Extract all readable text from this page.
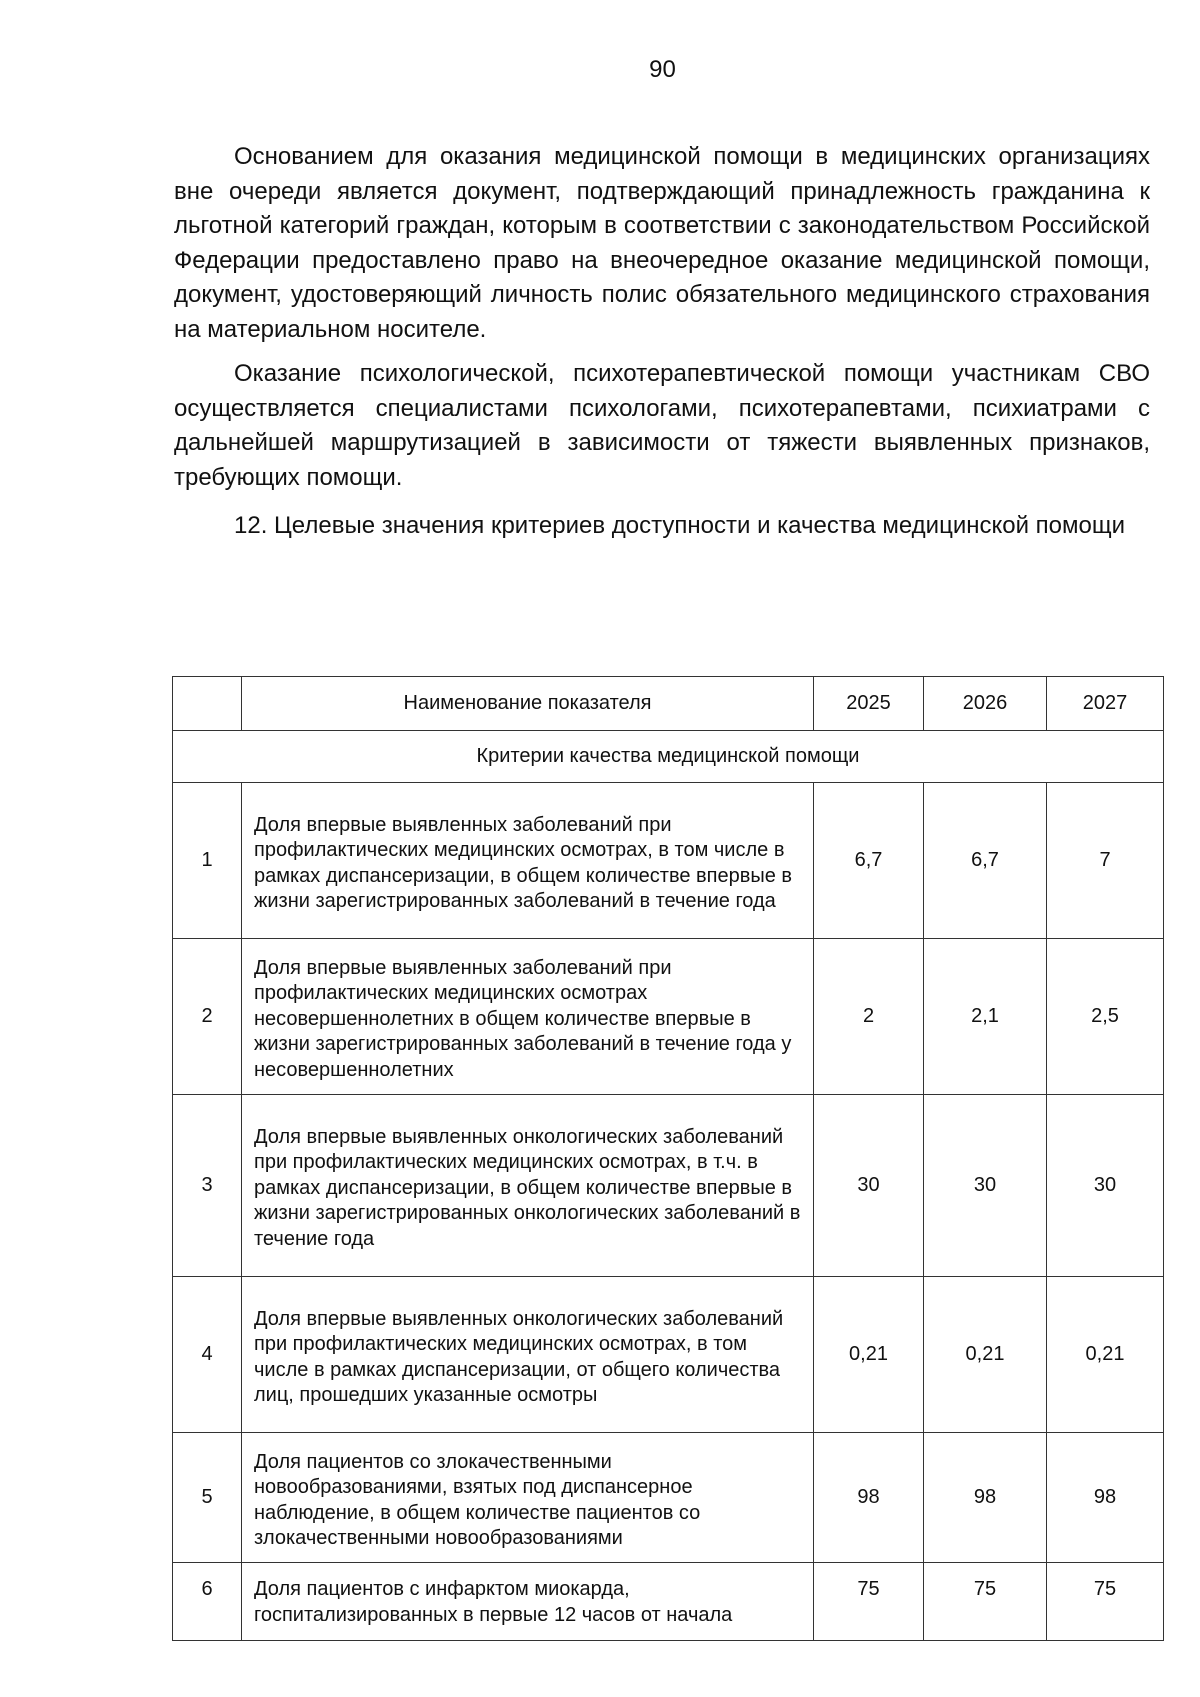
90

Основанием для оказания медицинской помощи в медицинских организациях вне очереди является документ, подтверждающий принадлежность гражданина к льготной категорий граждан, которым в соответствии с законодательством Российской Федерации предоставлено право на внеочередное оказание медицинской помощи, документ, удостоверяющий личность полис обязательного медицинского страхования на материальном носителе.

Оказание психологической, психотерапевтической помощи участникам СВО осуществляется специалистами психологами, психотерапевтами, психиатрами с дальнейшей маршрутизацией в зависимости от тяжести выявленных признаков, требующих помощи.

12. Целевые значения критериев доступности и качества медицинской помощи

	Наименование показателя	2025	2026	2027
Критерии качества медицинской помощи				
1	Доля впервые выявленных заболеваний при профилактических медицинских осмотрах, в том числе в рамках диспансеризации, в общем количестве впервые в жизни зарегистрированных заболеваний в течение года	6,7	6,7	7
2	Доля впервые выявленных заболеваний при профилактических медицинских осмотрах несовершеннолетних в общем количестве впервые в жизни зарегистрированных заболеваний в течение года у несовершеннолетних	2	2,1	2,5
3	Доля впервые выявленных онкологических заболеваний при профилактических медицинских осмотрах, в т.ч. в рамках диспансеризации, в общем количестве впервые в жизни зарегистрированных онкологических заболеваний в течение года	30	30	30
4	Доля впервые выявленных онкологических заболеваний при профилактических медицинских осмотрах, в том числе в рамках диспансеризации, от общего количества лиц, прошедших указанные осмотры	0,21	0,21	0,21
5	Доля пациентов со злокачественными новообразованиями, взятых под диспансерное наблюдение, в общем количестве пациентов со злокачественными новообразованиями	98	98	98
6	Доля пациентов с инфарктом миокарда, госпитализированных в первые 12 часов от начала	75	75	75
